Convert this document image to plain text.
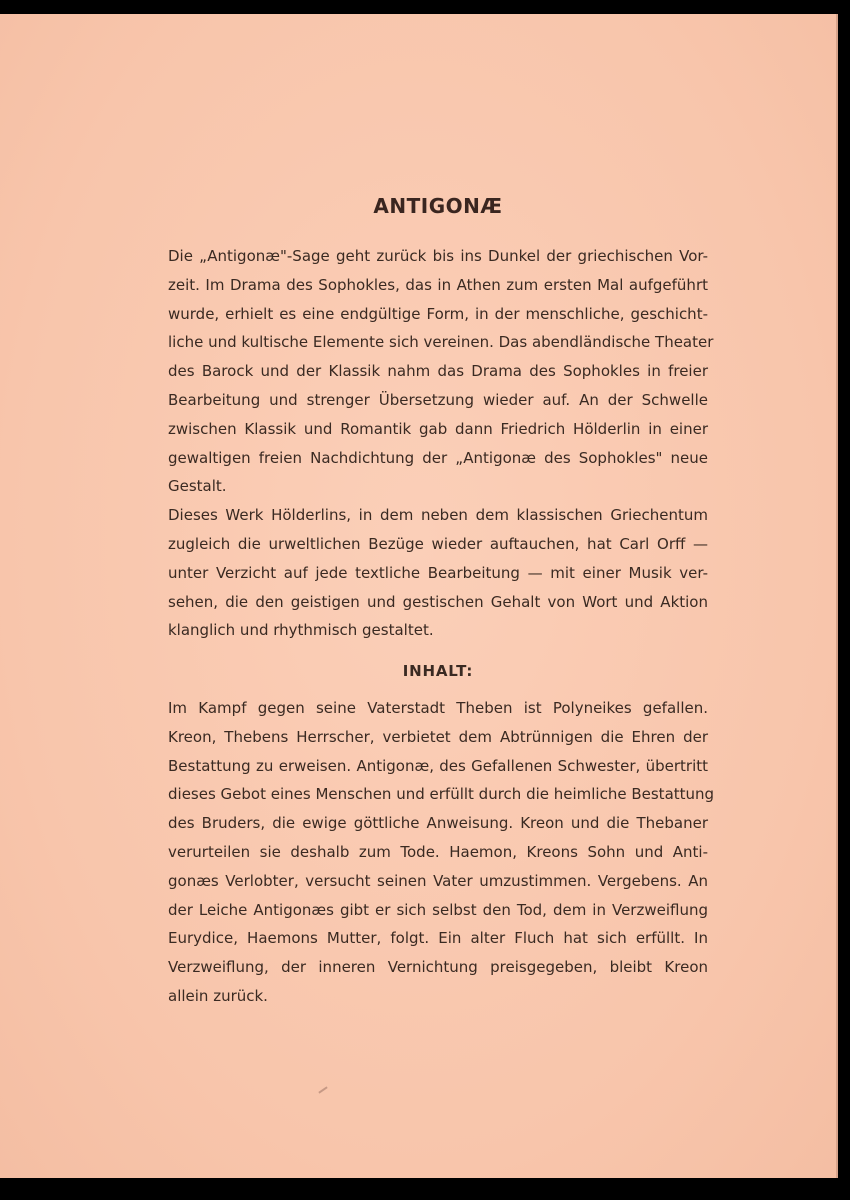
ANTIGONÆ
Die „Antigonæ"-Sage geht zurück bis ins Dunkel der griechischen Vor-
zeit. Im Drama des Sophokles, das in Athen zum ersten Mal aufgeführt
wurde, erhielt es eine endgültige Form, in der menschliche, geschicht-
liche und kultische Elemente sich vereinen. Das abendländische Theater
des Barock und der Klassik nahm das Drama des Sophokles in freier
Bearbeitung und strenger Übersetzung wieder auf. An der Schwelle
zwischen Klassik und Romantik gab dann Friedrich Hölderlin in einer
gewaltigen freien Nachdichtung der „Antigonæ des Sophokles" neue
Gestalt.
Dieses Werk Hölderlins, in dem neben dem klassischen Griechentum
zugleich die urweltlichen Bezüge wieder auftauchen, hat Carl Orff —
unter Verzicht auf jede textliche Bearbeitung — mit einer Musik ver-
sehen, die den geistigen und gestischen Gehalt von Wort und Aktion
klanglich und rhythmisch gestaltet.
INHALT:
Im Kampf gegen seine Vaterstadt Theben ist Polyneikes gefallen.
Kreon, Thebens Herrscher, verbietet dem Abtrünnigen die Ehren der
Bestattung zu erweisen. Antigonæ, des Gefallenen Schwester, übertritt
dieses Gebot eines Menschen und erfüllt durch die heimliche Bestattung
des Bruders, die ewige göttliche Anweisung. Kreon und die Thebaner
verurteilen sie deshalb zum Tode. Haemon, Kreons Sohn und Anti-
gonæs Verlobter, versucht seinen Vater umzustimmen. Vergebens. An
der Leiche Antigonæs gibt er sich selbst den Tod, dem in Verzweiflung
Eurydice, Haemons Mutter, folgt. Ein alter Fluch hat sich erfüllt. In
Verzweiflung, der inneren Vernichtung preisgegeben, bleibt Kreon
allein zurück.
